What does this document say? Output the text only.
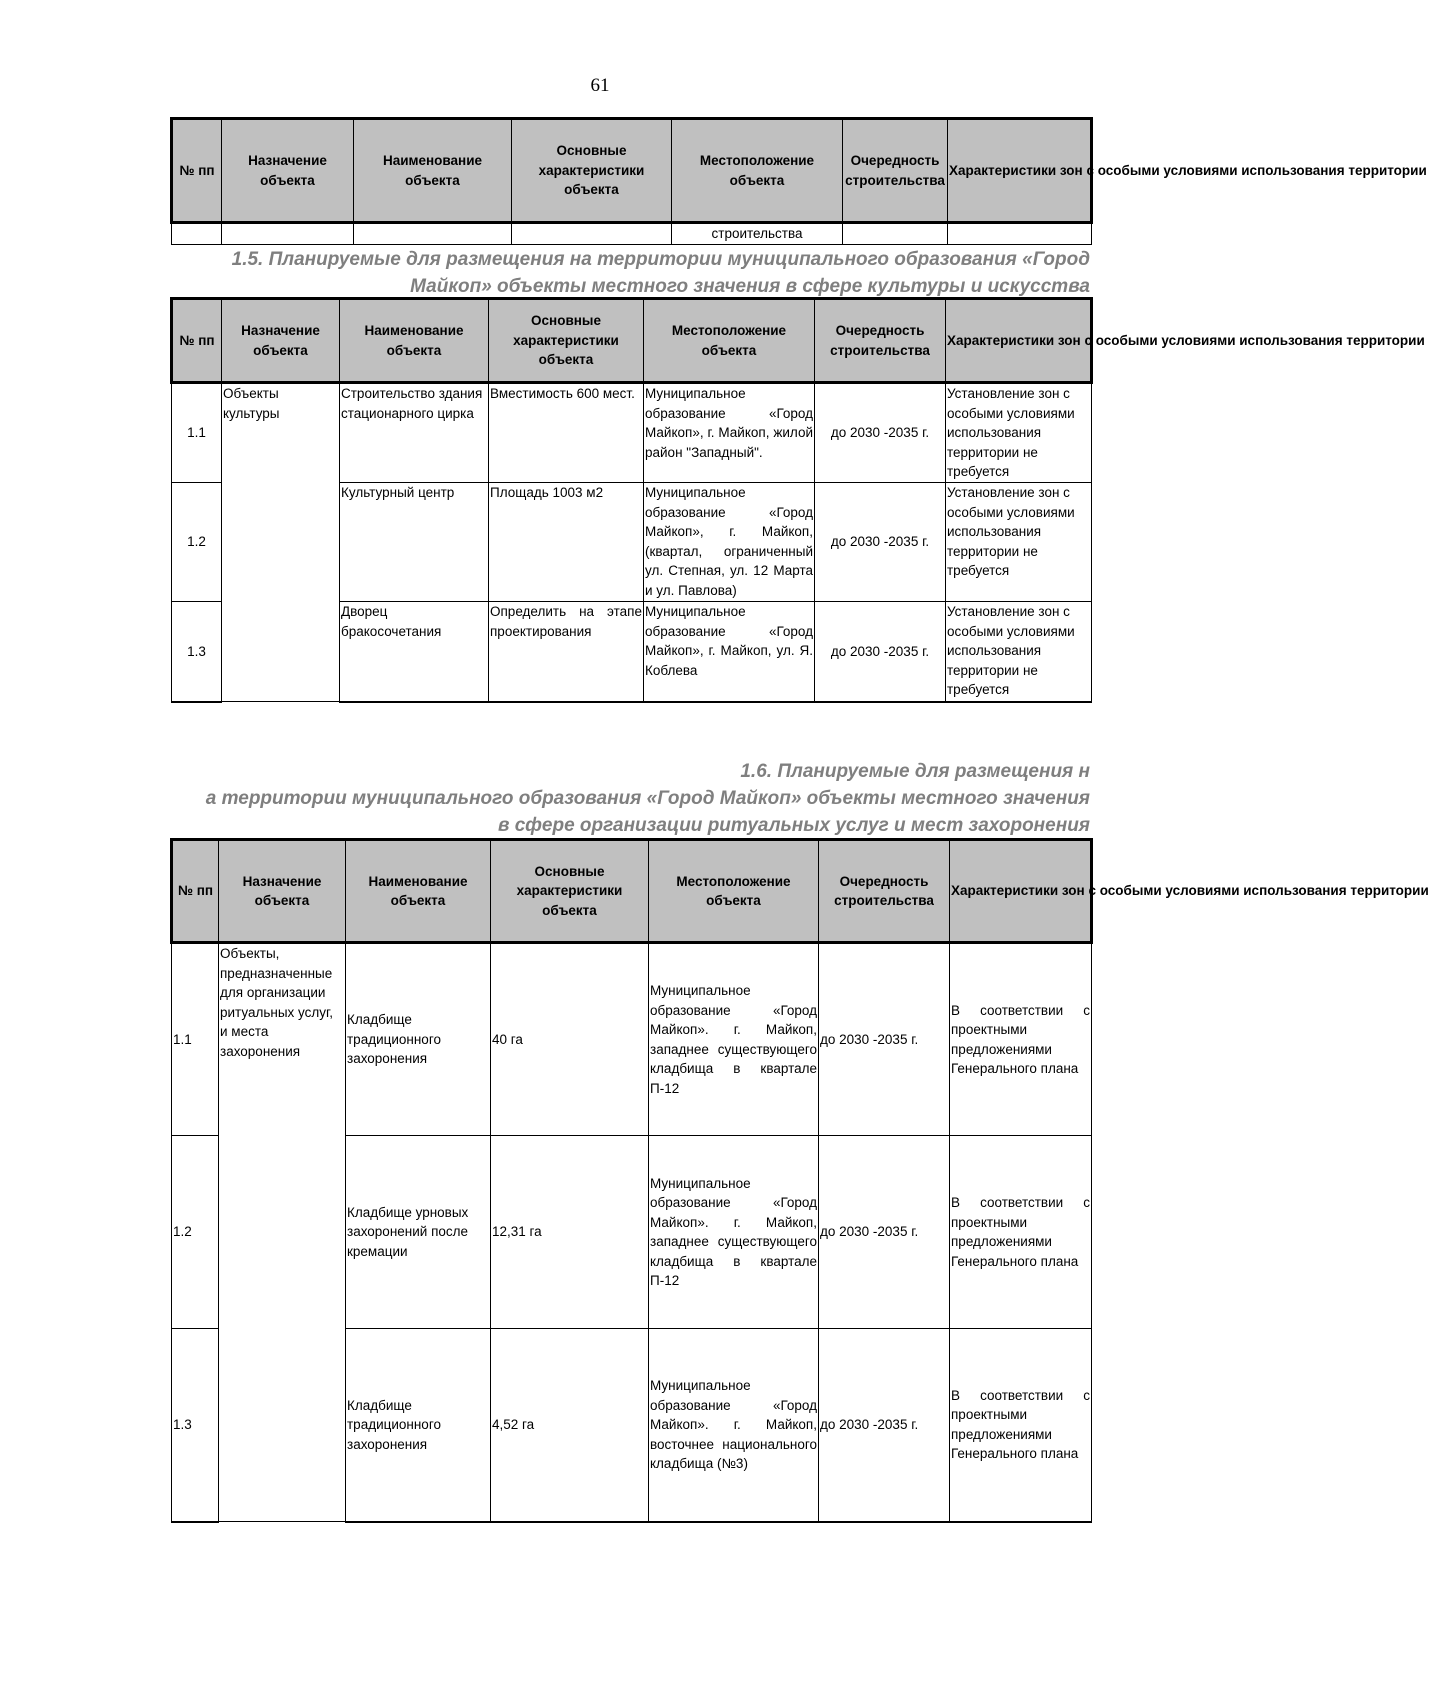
61
№ пп	Назначение объекта	Наименование объекта	Основные характеристики объекта	Местоположение объекта	Очередность строительства	Характеристики зон с особыми условиями использования территории
				строительства		
1.5. Планируемые для размещения на территории муниципального образования «Город
Майкоп» объекты местного значения в сфере культуры и искусства
№ пп	Назначение объекта	Наименование объекта	Основные характеристики объекта	Местоположение объекта	Очередность строительства	Характеристики зон с особыми условиями использования территории
1.1	Объекты культуры	Строительство здания стационарного цирка	Вместимость 600 мест.	Муниципальное образование «Город Майкоп», г. Майкоп, жилой район "Западный".	до 2030 -2035 г.	Установление зон с особыми условиями использования территории не требуется
1.2		Культурный центр	Площадь 1003 м2	Муниципальное образование «Город Майкоп», г. Майкоп, (квартал, ограниченный ул. Степная, ул. 12 Марта и ул. Павлова)	до 2030 -2035 г.	Установление зон с особыми условиями использования территории не требуется
1.3		Дворец бракосочетания	Определить на этапе проектирования	Муниципальное образование «Город Майкоп», г. Майкоп, ул. Я. Коблева	до 2030 -2035 г.	Установление зон с особыми условиями использования территории не требуется
1.6. Планируемые для размещения н
а территории муниципального образования «Город Майкоп» объекты местного значения
в сфере организации ритуальных услуг и мест захоронения
№ пп	Назначение объекта	Наименование объекта	Основные характеристики объекта	Местоположение объекта	Очередность строительства	Характеристики зон с особыми условиями использования территории
1.1	Объекты, предназначенные для организации ритуальных услуг, и места захоронения	Кладбище традиционного захоронения	40 га	Муниципальное образование «Город Майкоп». г. Майкоп, западнее существующего кладбища в квартале П-12	до 2030 -2035 г.	В соответствии с проектными предложениями Генерального плана
1.2		Кладбище урновых захоронений после кремации	12,31 га	Муниципальное образование «Город Майкоп». г. Майкоп, западнее существующего кладбища в квартале П-12	до 2030 -2035 г.	В соответствии с проектными предложениями Генерального плана
1.3		Кладбище традиционного захоронения	4,52 га	Муниципальное образование «Город Майкоп». г. Майкоп, восточнее национального кладбища (№3)	до 2030 -2035 г.	В соответствии с проектными предложениями Генерального плана
